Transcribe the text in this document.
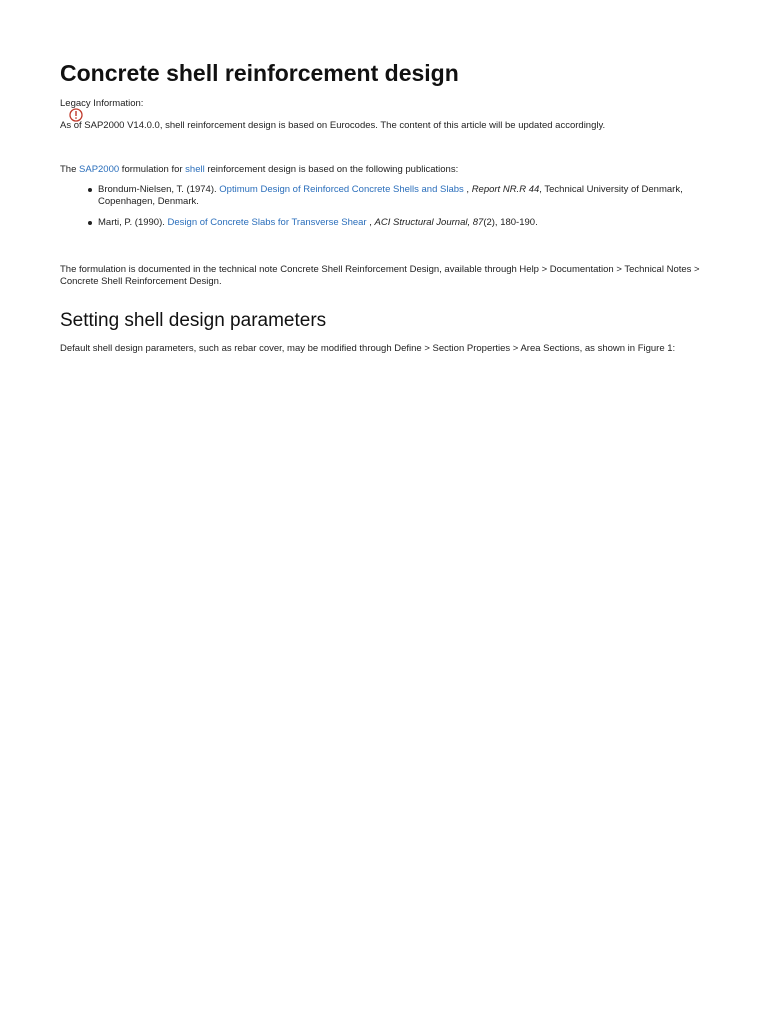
Concrete shell reinforcement design
Legacy Information:
As of SAP2000 V14.0.0, shell reinforcement design is based on Eurocodes. The content of this article will be updated accordingly.
The SAP2000 formulation for shell reinforcement design is based on the following publications:
Brondum-Nielsen, T. (1974). Optimum Design of Reinforced Concrete Shells and Slabs , Report NR.R 44, Technical University of Denmark, Copenhagen, Denmark.
Marti, P. (1990). Design of Concrete Slabs for Transverse Shear , ACI Structural Journal, 87(2), 180-190.
The formulation is documented in the technical note Concrete Shell Reinforcement Design, available through Help > Documentation > Technical Notes > Concrete Shell Reinforcement Design.
Setting shell design parameters
Default shell design parameters, such as rebar cover, may be modified through Define > Section Properties > Area Sections, as shown in Figure 1:
